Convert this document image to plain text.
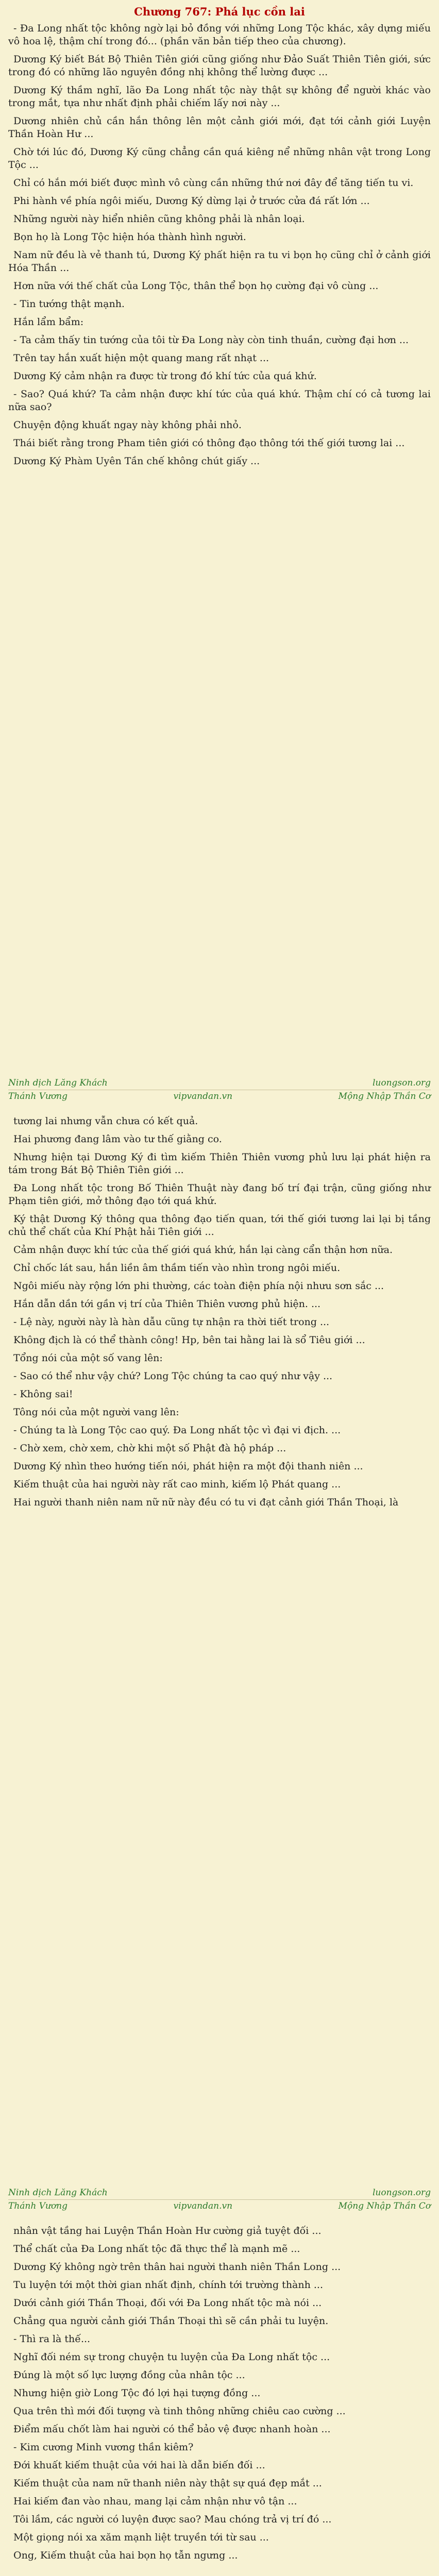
Chương 767: Phá lục cồn lai

- Đa Long nhất tộc không ngờ lại bỏ đồng với những Long Tộc khác, xây dựng miếu vô hoa lệ, thậm chí trong đó... (phần văn bản tiếp theo của chương).

Dương Ký biết Bát Bộ Thiên Tiên giới cũng giống như Đảo Suất Thiên Tiên giới, sức trong đó có những lão nguyên đồng nhị không thể lường được ...

Dương Ký thầm nghĩ, lão Đa Long nhất tộc này thật sự không để người khác vào trong mắt, tựa như nhất định phải chiếm lấy nơi này ...

Dương nhiên chủ cần hắn thông lên một cảnh giới mới, đạt tới cảnh giới Luyện Thần Hoàn Hư ...

Chờ tới lúc đó, Dương Ký cũng chẳng cần quá kiêng nể những nhân vật trong Long Tộc ...

Chỉ có hắn mới biết được mình vô cùng cần những thứ nơi đây để tăng tiến tu vi.

Phi hành về phía ngôi miếu, Dương Ký dừng lại ở trước cửa đá rất lớn ...

Những người này hiển nhiên cũng không phải là nhân loại.

Bọn họ là Long Tộc hiện hóa thành hình người.

Nam nữ đều là vẻ thanh tú, Dương Ký phất hiện ra tu vi bọn họ cũng chỉ ở cảnh giới Hóa Thần ...

Hơn nữa với thế chất của Long Tộc, thân thể bọn họ cường đại vô cùng ...

- Tin tướng thật mạnh.

Hắn lẩm bẩm:

- Ta cảm thấy tin tướng của tôi từ Đa Long này còn tinh thuần, cường đại hơn ...

Trên tay hắn xuất hiện một quang mang rất nhạt ...

Dương Ký cảm nhận ra được từ trong đó khí tức của quá khứ.

- Sao? Quá khứ? Ta cảm nhận được khí tức của quá khứ. Thậm chí có cả tương lai nữa sao?

Chuyện động khuất ngay này không phải nhỏ.

Thái biết rằng trong Pham tiên giới có thông đạo thông tới thế giới tương lai ...

Dương Ký Phàm Uyên Tần chế không chút giấy ...

Ninh dịch Lăng Khách	luongson.org
Thánh Vương	vipvandan.vn	Mộng Nhập Thần Cơ

tương lai nhưng vẫn chưa có kết quả.

Hai phương đang lâm vào tư thế giằng co.

Nhưng hiện tại Dương Ký đi tìm kiếm Thiên Thiên vương phủ lưu lại phát hiện ra tám trong Bát Bộ Thiên Tiên giới ...

Đa Long nhất tộc trong Bố Thiên Thuật này đang bố trí đại trận, cũng giống như Phạm tiên giới, mở thông đạo tới quá khứ.

Ký thật Dương Ký thông qua thông đạo tiến quan, tới thế giới tương lai lại bị tầng chủ thể chất của Khí Phật hải Tiên giới ...

Cảm nhận được khí tức của thế giới quá khứ, hắn lại càng cẩn thận hơn nữa.

Chỉ chốc lát sau, hắn liền âm thầm tiến vào nhìn trong ngôi miếu.

Ngôi miếu này rộng lớn phi thường, các toàn điện phía nội nhưu sơn sắc ...

Hắn dẫn dần tới gần vị trí của Thiên Thiên vương phủ hiện. ...

- Lệ này, người này là hàn dẫu cũng tự nhận ra thời tiết trong ...

Không địch là có thể thành công! Hp, bên tai hằng lai là sổ Tiêu giới ...

Tổng nói của một số vang lên:

- Sao có thể như vậy chứ? Long Tộc chúng ta cao quý như vậy ...

- Không sai!

Tông nói của một người vang lên:

- Chúng ta là Long Tộc cao quý. Đa Long nhất tộc vì đại vi địch. ...

- Chờ xem, chờ xem, chờ khi một số Phật đà hộ pháp ...

Dương Ký nhìn theo hướng tiến nói, phát hiện ra một đội thanh niên ...

Kiếm thuật của hai người này rất cao minh, kiếm lộ Phát quang ...

Hai người thanh niên nam nữ nữ này đều có tu vi đạt cảnh giới Thần Thoại, là

Ninh dịch Lăng Khách	luongson.org
Thánh Vương	vipvandan.vn	Mộng Nhập Thần Cơ

nhân vật tầng hai Luyện Thần Hoàn Hư cường giả tuyệt đối ...

Thể chất của Đa Long nhất tộc đã thực thể là mạnh mẽ ...

Dương Ký không ngờ trên thân hai người thanh niên Thần Long ...

Tu luyện tới một thời gian nhất định, chính tới trường thành ...

Dưới cảnh giới Thần Thoại, đối với Đa Long nhất tộc mà nói ...

Chẳng qua người cảnh giới Thần Thoại thì sẽ cần phải tu luyện.

- Thì ra là thế...

Nghĩ đối ném sự trong chuyện tu luyện của Đa Long nhất tộc ...

Đúng là một số lực lượng đồng của nhân tộc ...

Nhưng hiện giờ Long Tộc đó lợi hại tượng đồng ...

Qua trên thì mới đối tượng và tinh thông những chiêu cao cường ...

Điểm mấu chốt làm hai người có thể bảo vệ được nhanh hoàn ...

- Kim cương Minh vương thần kiêm?

Đới khuất kiếm thuật của với hai là dẫn biến đối ...

Kiếm thuật của nam nữ thanh niên này thật sự quá đẹp mắt ...

Hai kiếm đan vào nhau, mang lại cảm nhận như vô tận ...

Tôi lầm, các người có luyện được sao? Mau chóng trả vị trí đó ...

Một giọng nói xa xăm mạnh liệt truyền tới từ sau ...

Ong, Kiếm thuật của hai bọn họ tẫn ngưng ...
